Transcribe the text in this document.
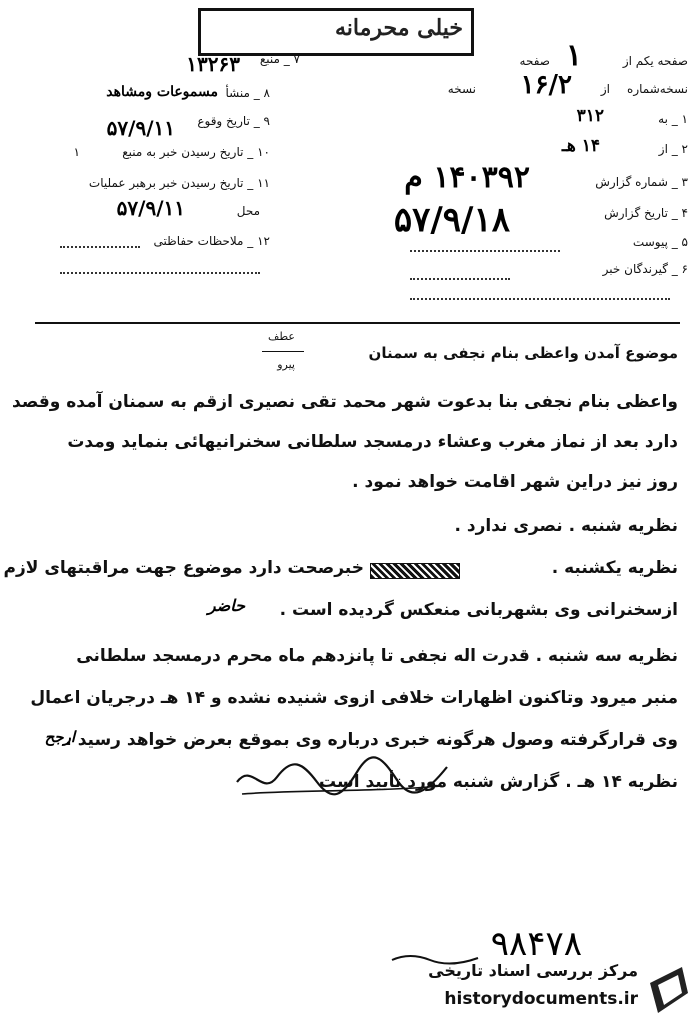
خیلی محرمانه
صفحه یکم از
۱
صفحه
نسخه‌شماره
۱۶/۲ از
نسخه
۱ _ به
۳۱۲
۲ _ از
۱۴ هـ
۳ _ شماره گزارش
۱۴۰۳۹۲ م
۴ _ تاریخ گزارش
۵۷/۹/۱۸
۵ _ پیوست
۶ _ گیرندگان خبر
۷ _ منبع
۱۳۲۶۳
۸ _ منشأ
مسموعات ومشاهد
۹ _ تاریخ وقوع
۵۷/۹/۱۱
۱۰ _ تاریخ رسیدن خبر به منبع
۱
۱۱ _ تاریخ رسیدن خبر برهبر عملیات
محل
۵۷/۹/۱۱
۱۲ _ ملاحظات حفاظتی
عطف
پیرو
موضوع آمدن واعظی بنام نجفی به سمنان
واعظی بنام نجفی بنا بدعوت شهر محمد تقی نصیری ازقم به سمنان آمده وقصد
دارد بعد از نماز مغرب وعشاء درمسجد سلطانی سخنرانیهائی بنماید ومدت
روز نیز دراین شهر اقامت خواهد نمود .
نظریه شنبه . نصری ندارد .
نظریه یکشنبه .
خبرصحت دارد موضوع جهت مراقبتهای لازم
ازسخنرانی وی بشهربانی منعکس گردیده است .
حاضر
نظریه سه شنبه . قدرت اله نجفی تا پانزدهم ماه محرم درمسجد سلطانی
منبر میرود وتاکنون اظهارات خلافی ازوی شنیده نشده و ۱۴ هـ درجریان اعمال
وی قرارگرفته وصول هرگونه خبری درباره وی بموقع بعرض خواهد رسید .
ارجح
نظریه ۱۴ هـ . گزارش شنبه مورد تأیید است
۹۸۴۷۸
مرکز بررسی اسناد تاریخی
historydocuments.ir
